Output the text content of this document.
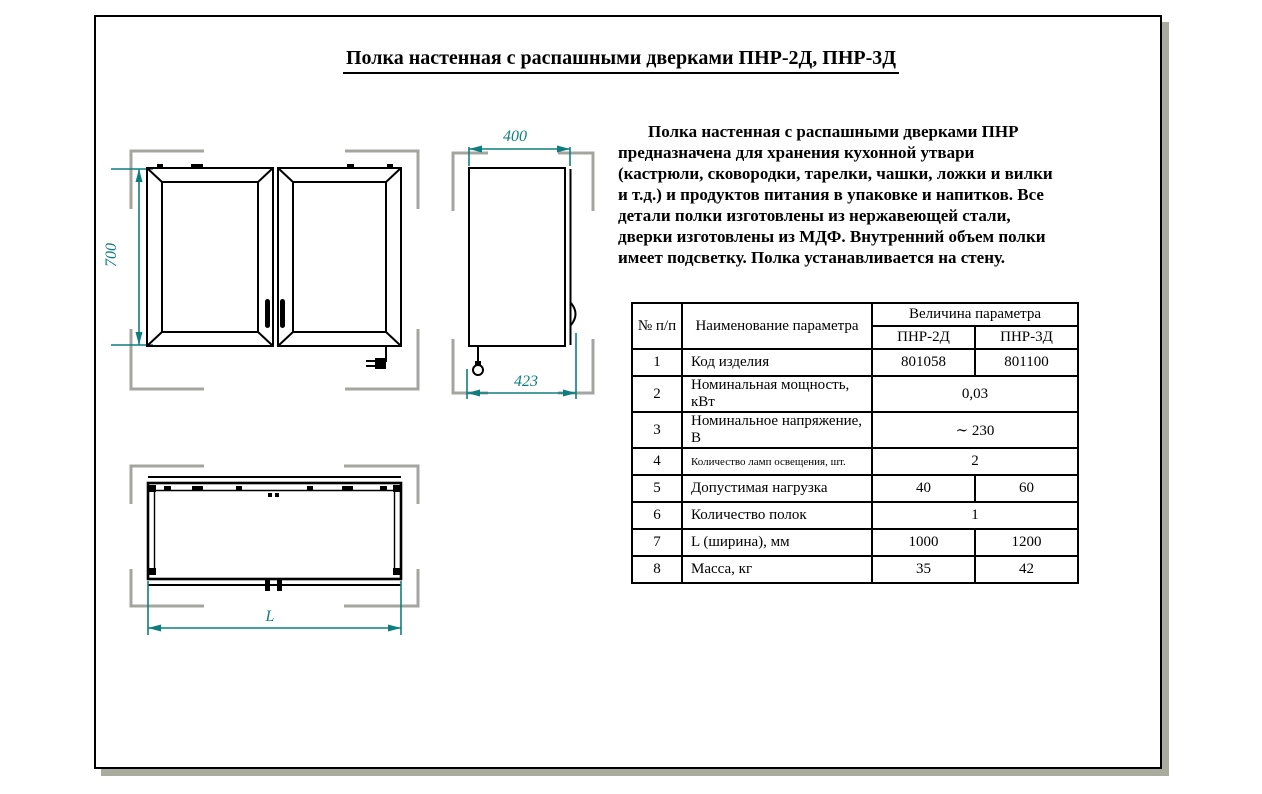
Полка настенная с распашными дверками ПНР-2Д, ПНР-3Д
700
400
423
L
Полка настенная с распашными дверками ПНР
предназначена для хранения кухонной утвари
(кастрюли, сковородки, тарелки, чашки, ложки и вилки
и т.д.) и продуктов питания в упаковке и напитков. Все
детали полки изготовлены из нержавеющей стали,
дверки изготовлены из МДФ. Внутренний объем полки
имеет подсветку. Полка устанавливается на стену.
№ п/п	Наименование параметра	Величина параметра	
		ПНР-2Д	ПНР-3Д
1	Код изделия	801058	801100
2	Номинальная мощность, кВт	0,03	
3	Номинальное напряжение, В	∼ 230	
4	Количество ламп освещения, шт.	2	
5	Допустимая нагрузка	40	60
6	Количество полок	1	
7	L (ширина), мм	1000	1200
8	Масса, кг	35	42
